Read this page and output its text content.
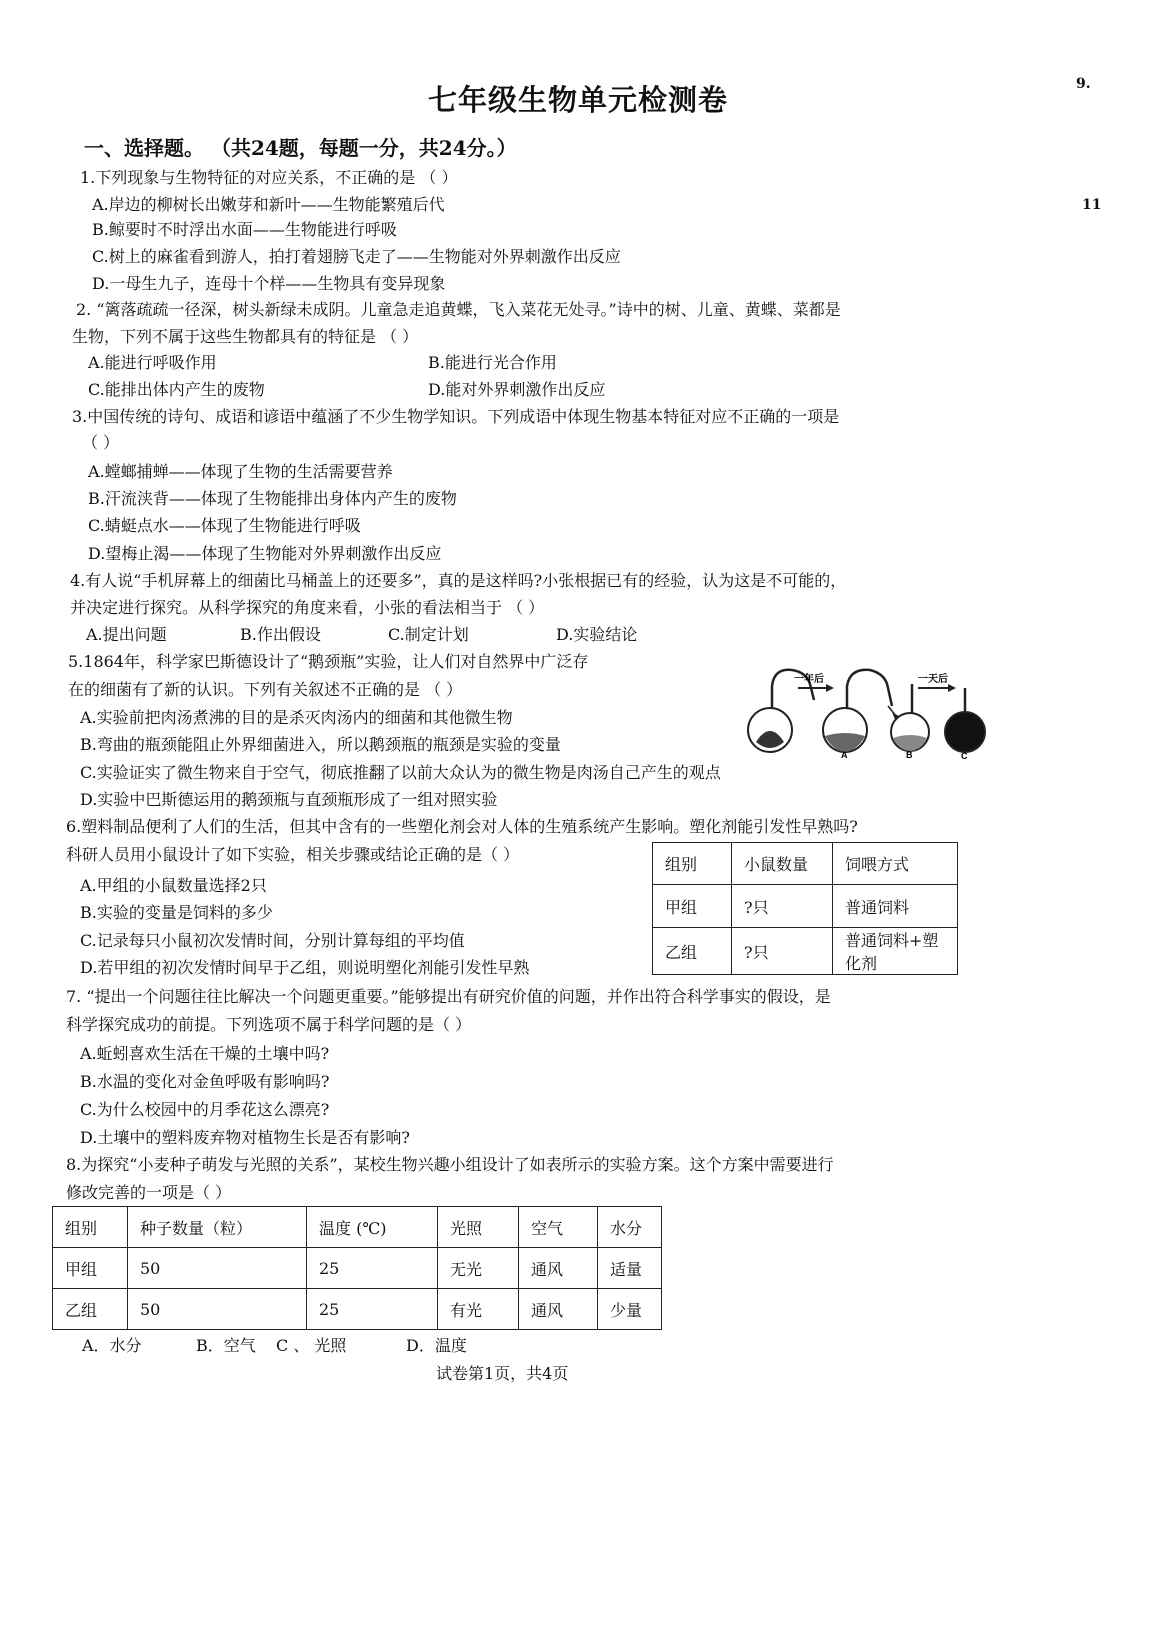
七年级生物单元检测卷	9.
11
一、选择题。 （共24题，每题一分，共24分。）
1.下列现象与生物特征的对应关系，不正确的是 （ ）
A.岸边的柳树长出嫩芽和新叶——生物能繁殖后代
B.鲸要时不时浮出水面——生物能进行呼吸
C.树上的麻雀看到游人，拍打着翅膀飞走了——生物能对外界刺激作出反应
D.一母生九子，连母十个样——生物具有变异现象
2. “篱落疏疏一径深，树头新绿未成阴。儿童急走追黄蝶，飞入菜花无处寻。”诗中的树、儿童、黄蝶、菜都是
生物，下列不属于这些生物都具有的特征是 （ ）
A.能进行呼吸作用	B.能进行光合作用
C.能排出体内产生的废物	D.能对外界刺激作出反应
3.中国传统的诗句、成语和谚语中蕴涵了不少生物学知识。下列成语中体现生物基本特征对应不正确的一项是
（ ）
A.螳螂捕蝉——体现了生物的生活需要营养
B.汗流浃背——体现了生物能排出身体内产生的废物
C.蜻蜓点水——体现了生物能进行呼吸
D.望梅止渴——体现了生物能对外界刺激作出反应
4.有人说“手机屏幕上的细菌比马桶盖上的还要多”，真的是这样吗?小张根据已有的经验，认为这是不可能的，
并决定进行探究。从科学探究的角度来看，小张的看法相当于 （ ）
A.提出问题	B.作出假设	C.制定计划	D.实验结论
5.1864年，科学家巴斯德设计了“鹅颈瓶”实验，让人们对自然界中广泛存
在的细菌有了新的认识。下列有关叙述不正确的是 （ ）
A.实验前把肉汤煮沸的目的是杀灭肉汤内的细菌和其他微生物
B.弯曲的瓶颈能阻止外界细菌进入，所以鹅颈瓶的瓶颈是实验的变量
C.实验证实了微生物来自于空气，彻底推翻了以前大众认为的微生物是肉汤自己产生的观点
D.实验中巴斯德运用的鹅颈瓶与直颈瓶形成了一组对照实验
一年后
A	B
一天后
C
6.塑料制品便利了人们的生活，但其中含有的一些塑化剂会对人体的生殖系统产生影响。塑化剂能引发性早熟吗?
科研人员用小鼠设计了如下实验，相关步骤或结论正确的是（ ）
A.甲组的小鼠数量选择2只
B.实验的变量是饲料的多少
C.记录每只小鼠初次发情时间，分别计算每组的平均值
D.若甲组的初次发情时间早于乙组，则说明塑化剂能引发性早熟
组别	小鼠数量	饲喂方式
甲组	?只	普通饲料
乙组	?只	普通饲料+塑化剂
7. “提出一个问题往往比解决一个问题更重要。”能够提出有研究价值的问题，并作出符合科学事实的假设，是
科学探究成功的前提。下列选项不属于科学问题的是（ ）
A.蚯蚓喜欢生活在干燥的土壤中吗?
B.水温的变化对金鱼呼吸有影响吗?
C.为什么校园中的月季花这么漂亮?
D.土壤中的塑料废弃物对植物生长是否有影响?
8.为探究“小麦种子萌发与光照的关系”，某校生物兴趣小组设计了如表所示的实验方案。这个方案中需要进行
修改完善的一项是（ ）
组别	种子数量（粒）	温度 (℃)	光照	空气	水分
甲组	50	25	无光	通风	适量
乙组	50	25	有光	通风	少量
A．水分	B．空气 C 、 光照	D．温度
试卷第1页，共4页
